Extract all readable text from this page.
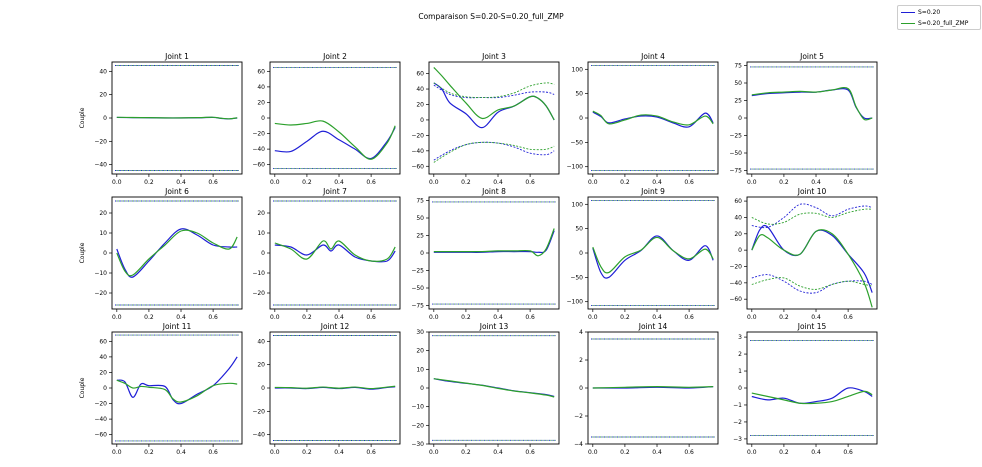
Comparaison S=0.20-S=0.20_full_ZMP	S=0.20
S=0.20_full_ZMP
Joint 1
Couple
0.0	0.2	0.4	0.6
40
20
0
−20
−40
Joint 2
0.0	0.2	0.4	0.6
60
40
20
0
−20
−40
−60
Joint 3
0.0	0.2	0.4	0.6
60
40
20
0
−20
−40
−60
Joint 4
0.0	0.2	0.4	0.6
100
50
0
−50
−100
Joint 5
0.0	0.2	0.4	0.6
75
50
25
0
−25
−50
−75
Joint 6
Couple
0.0	0.2	0.4	0.6
20
10
0
−10
−20
Joint 7
0.0	0.2	0.4	0.6
20
10
0
−10
−20
Joint 8
0.0	0.2	0.4	0.6
75
50
25
0
−25
−50
−75
Joint 9
0.0	0.2	0.4	0.6
100
50
0
−50
−100
Joint 10
0.0	0.2	0.4	0.6
60
40
20
0
−20
−40
−60
Joint 11
Couple
0.0	0.2	0.4	0.6
60
40
20
0
−20
−40
−60
Joint 12
0.0	0.2	0.4	0.6
40
20
0
−20
−40
Joint 13
0.0	0.2	0.4	0.6
30
20
10
0
−10
−20
−30
Joint 14
0.0	0.2	0.4	0.6
4
2
0
−2
−4
Joint 15
0.0	0.2	0.4	0.6
3
2
1
0
−1
−2
−3
